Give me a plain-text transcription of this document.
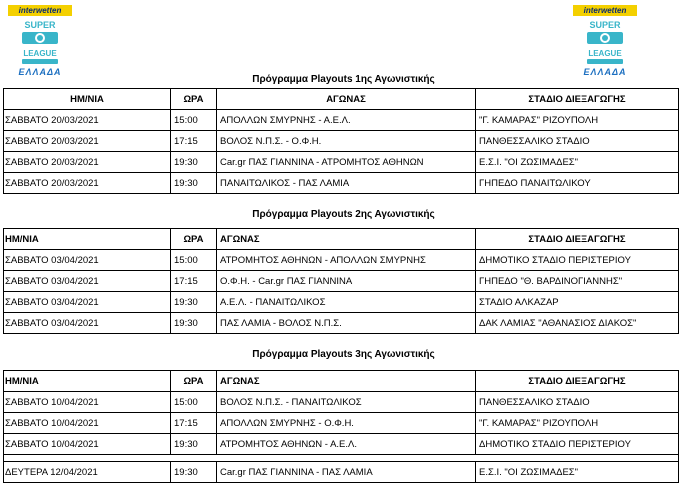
interwetten
SUPER
LEAGUE
ΕΛΛΑΔΑ
interwetten
SUPER
LEAGUE
ΕΛΛΑΔΑ
Πρόγραμμα Playouts 1ης Αγωνιστικής
ΗΜ/ΝΙΑ	ΩΡΑ	ΑΓΩΝΑΣ	ΣΤΑΔΙΟ ΔΙΕΞΑΓΩΓΗΣ
ΣΑΒΒΑΤΟ 20/03/2021	15:00	ΑΠΟΛΛΩΝ ΣΜΥΡΝΗΣ - Α.Ε.Λ.	"Γ. ΚΑΜΑΡΑΣ" ΡΙΖΟΥΠΟΛΗ
ΣΑΒΒΑΤΟ 20/03/2021	17:15	ΒΟΛΟΣ Ν.Π.Σ. - Ο.Φ.Η.	ΠΑΝΘΕΣΣΑΛΙΚΟ ΣΤΑΔΙΟ
ΣΑΒΒΑΤΟ 20/03/2021	19:30	Car.gr ΠΑΣ ΓΙΑΝΝΙΝΑ - ΑΤΡΟΜΗΤΟΣ ΑΘΗΝΩΝ	Ε.Σ.Ι. "ΟΙ ΖΩΣΙΜΑΔΕΣ"
ΣΑΒΒΑΤΟ 20/03/2021	19:30	ΠΑΝΑΙΤΩΛΙΚΟΣ - ΠΑΣ ΛΑΜΙΑ	ΓΗΠΕΔΟ ΠΑΝΑΙΤΩΛΙΚΟΥ
Πρόγραμμα Playouts 2ης Αγωνιστικής
ΗΜ/ΝΙΑ	ΩΡΑ	ΑΓΩΝΑΣ	ΣΤΑΔΙΟ ΔΙΕΞΑΓΩΓΗΣ
ΣΑΒΒΑΤΟ 03/04/2021	15:00	ΑΤΡΟΜΗΤΟΣ ΑΘΗΝΩΝ - ΑΠΟΛΛΩΝ ΣΜΥΡΝΗΣ	ΔΗΜΟΤΙΚΟ ΣΤΑΔΙΟ ΠΕΡΙΣΤΕΡΙΟΥ
ΣΑΒΒΑΤΟ 03/04/2021	17:15	Ο.Φ.Η. - Car.gr ΠΑΣ ΓΙΑΝΝΙΝΑ	ΓΗΠΕΔΟ "Θ. ΒΑΡΔΙΝΟΓΙΑΝΝΗΣ"
ΣΑΒΒΑΤΟ 03/04/2021	19:30	Α.Ε.Λ. - ΠΑΝΑΙΤΩΛΙΚΟΣ	ΣΤΑΔΙΟ ΑΛΚΑΖΑΡ
ΣΑΒΒΑΤΟ 03/04/2021	19:30	ΠΑΣ ΛΑΜΙΑ - ΒΟΛΟΣ Ν.Π.Σ.	ΔΑΚ ΛΑΜΙΑΣ "ΑΘΑΝΑΣΙΟΣ ΔΙΑΚΟΣ"
Πρόγραμμα Playouts 3ης Αγωνιστικής
ΗΜ/ΝΙΑ	ΩΡΑ	ΑΓΩΝΑΣ	ΣΤΑΔΙΟ ΔΙΕΞΑΓΩΓΗΣ
ΣΑΒΒΑΤΟ 10/04/2021	15:00	ΒΟΛΟΣ Ν.Π.Σ. - ΠΑΝΑΙΤΩΛΙΚΟΣ	ΠΑΝΘΕΣΣΑΛΙΚΟ ΣΤΑΔΙΟ
ΣΑΒΒΑΤΟ 10/04/2021	17:15	ΑΠΟΛΛΩΝ ΣΜΥΡΝΗΣ - Ο.Φ.Η.	"Γ. ΚΑΜΑΡΑΣ" ΡΙΖΟΥΠΟΛΗ
ΣΑΒΒΑΤΟ 10/04/2021	19:30	ΑΤΡΟΜΗΤΟΣ ΑΘΗΝΩΝ - Α.Ε.Λ.	ΔΗΜΟΤΙΚΟ ΣΤΑΔΙΟ ΠΕΡΙΣΤΕΡΙΟΥ
ΔΕΥΤΕΡΑ 12/04/2021	19:30	Car.gr ΠΑΣ ΓΙΑΝΝΙΝΑ - ΠΑΣ ΛΑΜΙΑ	Ε.Σ.Ι. "ΟΙ ΖΩΣΙΜΑΔΕΣ"
